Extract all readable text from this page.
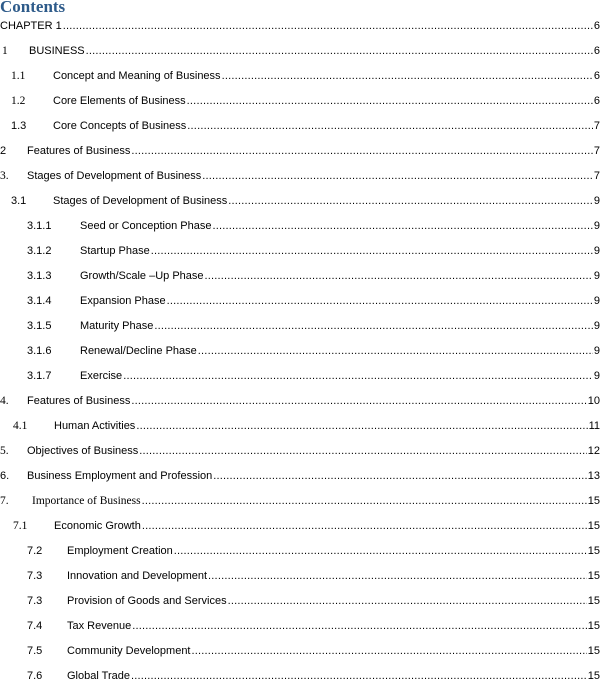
Contents
CHAPTER 1 .....	6
1	BUSINESS .....	6
1.1	Concept and Meaning of Business .....	6
1.2	Core Elements of Business .....	6
1.3	Core Concepts of Business .....	7
2	Features of Business .....	7
3.	Stages of Development of Business .....	7
3.1	Stages of Development of Business .....	9
3.1.1	Seed or Conception Phase .....	9
3.1.2	Startup Phase .....	9
3.1.3	Growth/Scale –Up Phase .....	9
3.1.4	Expansion Phase .....	9
3.1.5	Maturity Phase .....	9
3.1.6	Renewal/Decline Phase .....	9
3.1.7	Exercise .....	9
4.	Features of Business .....	10
4.1	Human Activities .....	11
5.	Objectives of Business .....	12
6.	Business Employment and Profession .....	13
7.	Importance of Business .....	15
7.1	Economic Growth .....	15
7.2	Employment Creation .....	15
7.3	Innovation and Development .....	15
7.3	Provision of Goods and Services .....	15
7.4	Tax Revenue .....	15
7.5	Community Development .....	15
7.6	Global Trade .....	15
